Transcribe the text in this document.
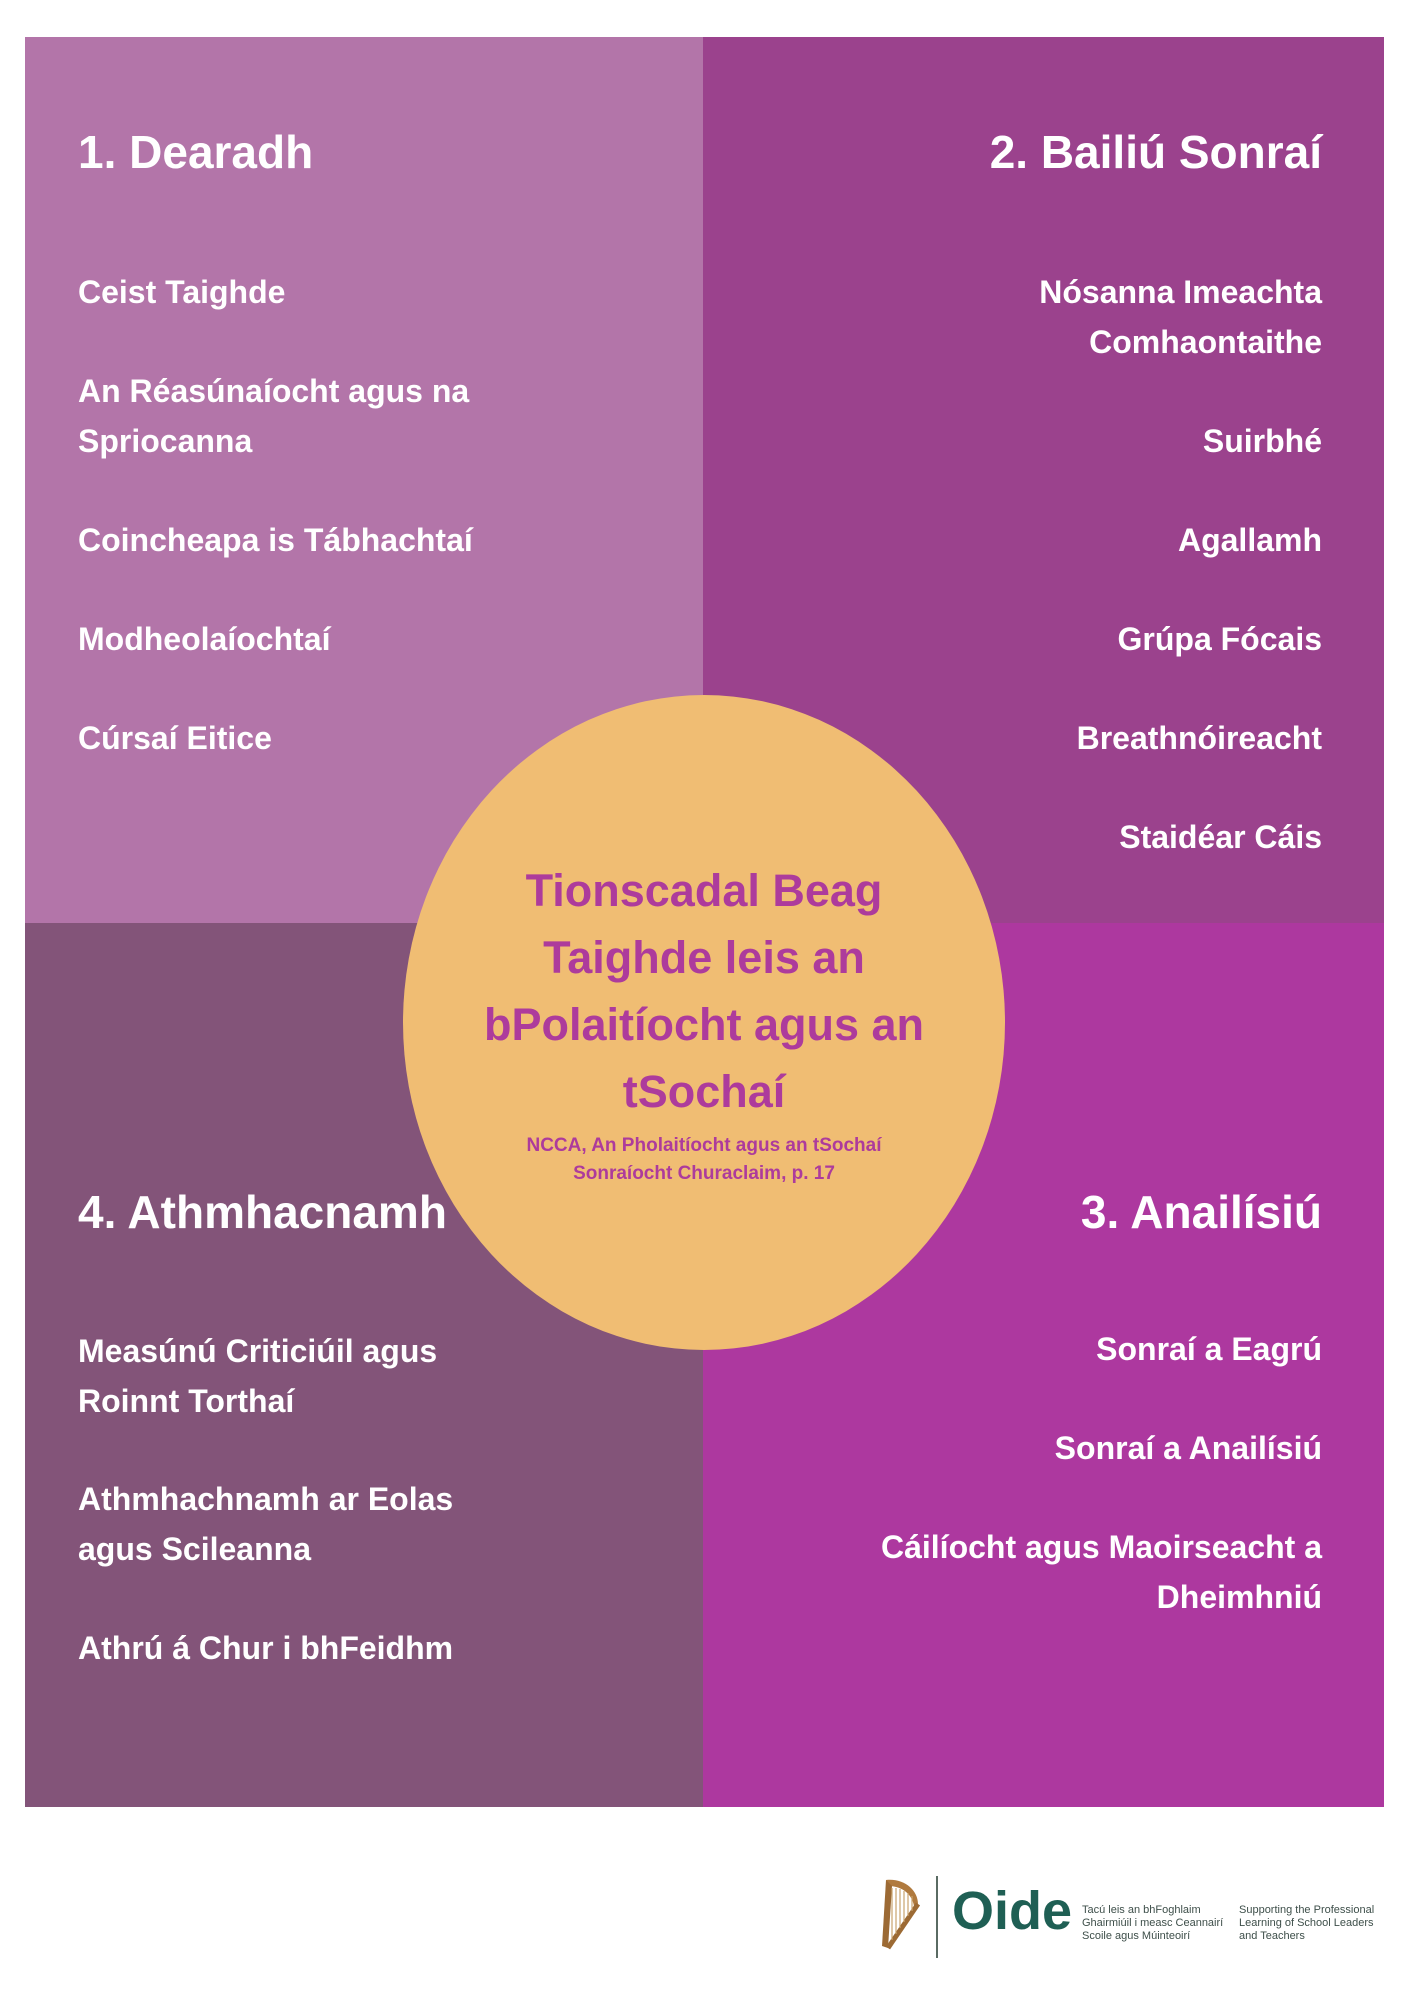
1. Dearadh
Ceist Taighde
An Réasúnaíocht agus na Spriocanna
Coincheapa is Tábhachtaí
Modheolaíochtaí
Cúrsaí Eitice
2. Bailiú Sonraí
Nósanna Imeachta Comhaontaithe
Suirbhé
Agallamh
Grúpa Fócais
Breathnóireacht
Staidéar Cáis
4. Athmhacnamh
Measúnú Criticiúil agus Roinnt Torthaí
Athmhachnamh ar Eolas agus Scileanna
Athrú á Chur i bhFeidhm
3. Anailísiú
Sonraí a Eagrú
Sonraí a Anailísiú
Cáilíocht agus Maoirseacht a Dheimhniú

Tionscadal Beag Taighde leis an bPolaitíocht agus an tSochaí

NCCA, An Pholaitíocht agus an tSochaí
Sonraíocht Churaclaim, p. 17
Oide Tacú leis an bhFoghlaim
Ghairmiúil i measc Ceannairí
Scoile agus Múinteoirí
Supporting the Professional
Learning of School Leaders
and Teachers
